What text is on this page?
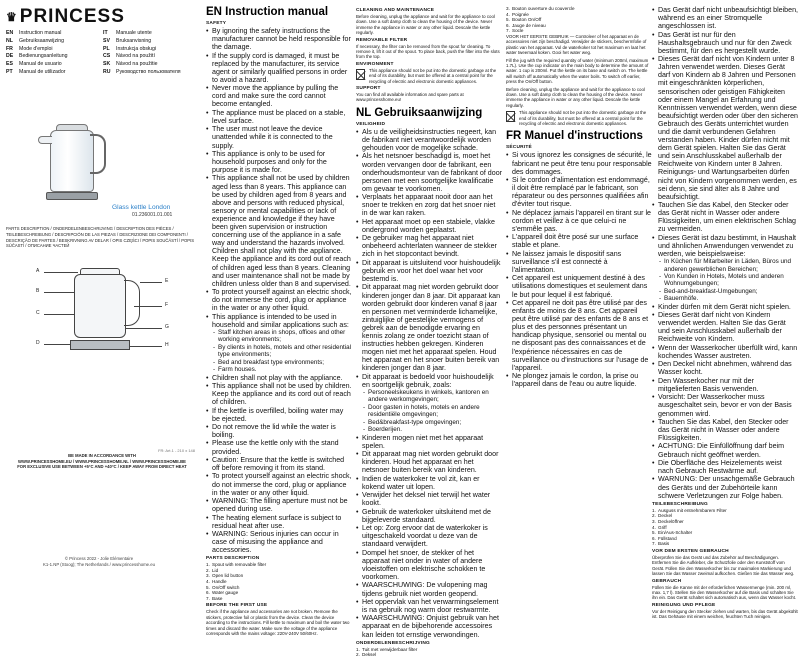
♛ PRINCESS
EN	Instruction manual	IT	Manuale utente
NL	Gebruiksaanwijzing	SV	Bruksanvisning
FR	Mode d'emploi	PL	Instrukcja obsługi
DE	Bedienungsanleitung	CS	Návod na použití
ES	Manual de usuario	SK	Návod na použitie
PT	Manual de utilizador	RU	Руководство пользователя
Glass kettle London
01.236001.01.001
PARTS DESCRIPTION / ONDERDELENBESCHRIJVING / DESCRIPTION DES PIÈCES / TEILEBESCHREIBUNG / DESCRIPCIÓN DE LAS PIEZAS / DESCRIZIONE DEI COMPONENTI / DESCRIÇÃO DE PARTES / BESKRIVNING AV DELAR / OPIS CZĘŚCI / POPIS SOUČÁSTÍ / POPIS SÚČASTÍ / ОПИСАНИЕ ЧАСТЕЙ
A
B
C
D
E
F
G
H
FR: Art.1 - 210 x 148
BE MADE IN ACCORDANCE WITH
WWW.PRINCESSHOME.EU / WWW.PRINCESSHOME.NL / WWW.PRINCESSHOME.BE
FOR EXCLUSIVE USE BETWEEN +5°C AND +40°C / KEEP AWAY FROM DIRECT HEAT
© Princess 2022 - Jolie Elémentaire
K1-1.NP (Stoog); The Netherlands / www.princesshome.eu
EN Instruction manual
SAFETY
• By ignoring the safety instructions the manufacturer cannot be held responsible for the damage.
• If the supply cord is damaged, it must be replaced by the manufacturer, its service agent or similarly qualified persons in order to avoid a hazard.
• Never move the appliance by pulling the cord and make sure the cord cannot become entangled.
• The appliance must be placed on a stable, level surface.
• The user must not leave the device unattended while it is connected to the supply.
• This appliance is only to be used for household purposes and only for the purpose it is made for.
• This appliance shall not be used by children aged less than 8 years. This appliance can be used by children aged from 8 years and above and persons with reduced physical, sensory or mental capabilities or lack of experience and knowledge if they have been given supervision or instruction concerning use of the appliance in a safe way and understand the hazards involved. Children shall not play with the appliance. Keep the appliance and its cord out of reach of children aged less than 8 years. Cleaning and user maintenance shall not be made by children unless older than 8 and supervised.
• To protect yourself against an electric shock, do not immerse the cord, plug or appliance in the water or any other liquid.
• This appliance is intended to be used in household and similar applications such as:
- Staff kitchen areas in shops, offices and other working environments;
- By clients in hotels, motels and other residential type environments;
- Bed and breakfast type environments;
- Farm houses.
• Children shall not play with the appliance.
• This appliance shall not be used by children. Keep the appliance and its cord out of reach of children.
• If the kettle is overfilled, boiling water may be ejected.
• Do not remove the lid while the water is boiling.
• Please use the kettle only with the stand provided.
• Caution: Ensure that the kettle is switched off before removing it from its stand.
• To protect yourself against an electric shock, do not immerse the cord, plug or appliance in the water or any other liquid.
• WARNING: The filling aperture must not be opened during use.
• The heating element surface is subject to residual heat after use.
• WARNING: Serious injuries can occur in case of misusing the appliance and accessories.
PARTS DESCRIPTION
Spout with removable filter
Lid
Open lid button
Handle
On/Off switch
Water gauge
Base
BEFORE THE FIRST USE

Check if the appliance and accessories are not broken. Remove the stickers, protective foil or plastic from the device. Clean the device according to the instructions. Fill kettle to maximum and boil the water two times and discard the water. Make sure the voltage of the appliance corresponds with the mains voltage: 220V-240V 50/60Hz.

CLEANING AND MAINTENANCE

Before cleaning, unplug the appliance and wait for the appliance to cool down. Use a soft damp cloth to clean the housing of the device. Never immerse the appliance in water or any other liquid. Descale the kettle regularly.

REMOVABLE FILTER

If necessary, the filter can be removed from the spout for cleaning. To remove it, lift it out of the spout. To place back, push the filter into the slots from the top.

ENVIRONMENT

This appliance should not be put into the domestic garbage at the end of its durability, but must be offered at a central point for the recycling of electric and electronic domestic appliances.

SUPPORT

You can find all available information and spare parts at www.princesshome.eu!

NL Gebruiksaanwijzing
VEILIGHEID
• Als u de veiligheidsinstructies negeert, kan de fabrikant niet verantwoordelijk worden gehouden voor de mogelijke schade.
• Als het netsnoer beschadigd is, moet het worden vervangen door de fabrikant, een onderhoudsmonteur van de fabrikant of door personen met een soortgelijke kwalificatie om gevaar te voorkomen.
• Verplaats het apparaat nooit door aan het snoer te trekken en zorg dat het snoer niet in de war kan raken.
• Het apparaat moet op een stabiele, vlakke ondergrond worden geplaatst.
• De gebruiker mag het apparaat niet onbeheerd achterlaten wanneer de stekker zich in het stopcontact bevindt.
• Dit apparaat is uitsluitend voor huishoudelijk gebruik en voor het doel waar het voor bestemd is.
• Dit apparaat mag niet worden gebruikt door kinderen jonger dan 8 jaar. Dit apparaat kan worden gebruikt door kinderen vanaf 8 jaar en personen met verminderde lichamelijke, zintuiglijke of geestelijke vermogens of gebrek aan de benodigde ervaring en kennis zolang ze onder toezicht staan of instructies hebben gekregen. Kinderen mogen niet met het apparaat spelen. Houd het apparaat en het snoer buiten bereik van kinderen jonger dan 8 jaar.
• Dit apparaat is bedoeld voor huishoudelijk en soortgelijk gebruik, zoals:
- Personeelskeukens in winkels, kantoren en andere werkomgevingen;
- Door gasten in hotels, motels en andere residentiële omgevingen;
- Bed&breakfast-type omgevingen;
- Boerderijen.
• Kinderen mogen niet met het apparaat spelen.
• Dit apparaat mag niet worden gebruikt door kinderen. Houd het apparaat en het netsnoer buiten bereik van kinderen.
• Indien de waterkoker te vol zit, kan er kokend water uit lopen.
• Verwijder het deksel niet terwijl het water kookt.
• Gebruik de waterkoker uitsluitend met de bijgeleverde standaard.
• Let op: Zorg ervoor dat de waterkoker is uitgeschakeld voordat u deze van de standaard verwijdert.
• Dompel het snoer, de stekker of het apparaat niet onder in water of andere vloeistoffen om elektrische schokken te voorkomen.
• WAARSCHUWING: De vulopening mag tijdens gebruik niet worden geopend.
• Het oppervlak van het verwarmingselement is na gebruik nog warm door restwarmte.
• WAARSCHUWING: Onjuist gebruik van het apparaat en de bijbehorende accessoires kan leiden tot ernstige verwondingen.
ONDERDELENBESCHRIJVING
Tuit met verwijderbaar filter
Deksel
Bouton ouverture du couvercle
Poignée
Bouton On/Off
Jauge de niveau
Socle

VOOR HET EERSTE GEBRUIK — Controleer of het apparaat en de accessoires niet zijn beschadigd. Verwijder de stickers, beschermfolie of plastic van het apparaat. Vul de waterkoker tot het maximum en laat het water tweemaal koken. Gooi het water weg.

Fill the jug with the required quantity of water (minimum 200ml, maximum 1.7L). Use the cup indicator on the main body to determine the amount of water. 1 cup is 200ml. Put the kettle on its base and switch on. The kettle will switch off automatically when the water boils. To switch off earlier, press the On/Off button.

Before cleaning, unplug the appliance and wait for the appliance to cool down. Use a soft damp cloth to clean the housing of the device. Never immerse the appliance in water or any other liquid. Descale the kettle regularly.

This appliance should not be put into the domestic garbage at the end of its durability, but must be offered at a central point for the recycling of electric and electronic domestic appliances.

FR Manuel d'instructions
SÉCURITÉ
• Si vous ignorez les consignes de sécurité, le fabricant ne peut être tenu pour responsable des dommages.
• Si le cordon d'alimentation est endommagé, il doit être remplacé par le fabricant, son réparateur ou des personnes qualifiées afin d'éviter tout risque.
• Ne déplacez jamais l'appareil en tirant sur le cordon et veillez à ce que celui-ci ne s'emmêle pas.
• L'appareil doit être posé sur une surface stable et plane.
• Ne laissez jamais le dispositif sans surveillance s'il est connecté à l'alimentation.
• Cet appareil est uniquement destiné à des utilisations domestiques et seulement dans le but pour lequel il est fabriqué.
• Cet appareil ne doit pas être utilisé par des enfants de moins de 8 ans. Cet appareil peut être utilisé par des enfants de 8 ans et plus et des personnes présentant un handicap physique, sensoriel ou mental ou ne disposant pas des connaissances et de l'expérience nécessaires en cas de surveillance ou d'instructions sur l'usage de l'appareil.
• Ne plongez jamais le cordon, la prise ou l'appareil dans de l'eau ou autre liquide.
• Das Gerät darf nicht unbeaufsichtigt bleiben, während es an einer Stromquelle angeschlossen ist.
• Das Gerät ist nur für den Haushaltsgebrauch und nur für den Zweck bestimmt, für den es hergestellt wurde.
• Dieses Gerät darf nicht von Kindern unter 8 Jahren verwendet werden. Dieses Gerät darf von Kindern ab 8 Jahren und Personen mit eingeschränkten körperlichen, sensorischen oder geistigen Fähigkeiten oder einem Mangel an Erfahrung und Kenntnissen verwendet werden, wenn diese beaufsichtigt werden oder über den sicheren Gebrauch des Geräts unterrichtet wurden und die damit verbundenen Gefahren verstanden haben. Kinder dürfen nicht mit dem Gerät spielen. Halten Sie das Gerät und sein Anschlusskabel außerhalb der Reichweite von Kindern unter 8 Jahren. Reinigungs- und Wartungsarbeiten dürfen nicht von Kindern vorgenommen werden, es sei denn, sie sind älter als 8 Jahre und beaufsichtigt.
• Tauchen Sie das Kabel, den Stecker oder das Gerät nicht in Wasser oder andere Flüssigkeiten, um einen elektrischen Schlag zu vermeiden.
• Dieses Gerät ist dazu bestimmt, in Haushalt und ähnlichen Anwendungen verwendet zu werden, wie beispielsweise:
- In Küchen für Mitarbeiter in Läden, Büros und anderen gewerblichen Bereichen;
- Von Kunden in Hotels, Motels und anderen Wohnumgebungen;
- Bed-and-breakfast-Umgebungen;
- Bauernhöfe.
• Kinder dürfen mit dem Gerät nicht spielen.
• Dieses Gerät darf nicht von Kindern verwendet werden. Halten Sie das Gerät und sein Anschlusskabel außerhalb der Reichweite von Kindern.
• Wenn der Wasserkocher überfüllt wird, kann kochendes Wasser austreten.
• Den Deckel nicht abnehmen, während das Wasser kocht.
• Den Wasserkocher nur mit der mitgelieferten Basis verwenden.
• Vorsicht: Der Wasserkocher muss ausgeschaltet sein, bevor er von der Basis genommen wird.
• Tauchen Sie das Kabel, den Stecker oder das Gerät nicht in Wasser oder andere Flüssigkeiten.
• ACHTUNG: Die Einfüllöffnung darf beim Gebrauch nicht geöffnet werden.
• Die Oberfläche des Heizelements weist nach Gebrauch Restwärme auf.
• WARNUNG: Der unsachgemäße Gebrauch des Geräts und der Zubehörteile kann schwere Verletzungen zur Folge haben.
TEILEBESCHREIBUNG
Ausguss mit entnehmbarem Filter
Deckel
Deckelöffner
Griff
Ein/Aus-Schalter
Füllstand
Basis
VOR DEM ERSTEN GEBRAUCH

Überprüfen Sie das Gerät und das Zubehör auf Beschädigungen. Entfernen Sie die Aufkleber, die Schutzfolie oder den Kunststoff vom Gerät. Füllen Sie den Wasserkocher bis zur maximalen Markierung und lassen Sie das Wasser zweimal aufkochen. Gießen Sie das Wasser weg.

GEBRAUCH

Füllen Sie die Kanne mit der erforderlichen Wassermenge (min. 200 ml, max. 1,7 l). Stellen Sie den Wasserkocher auf die Basis und schalten Sie ihn ein. Das Gerät schaltet sich automatisch aus, wenn das Wasser kocht.

REINIGUNG UND PFLEGE

Vor der Reinigung den Stecker ziehen und warten, bis das Gerät abgekühlt ist. Das Gehäuse mit einem weichen, feuchten Tuch reinigen.
